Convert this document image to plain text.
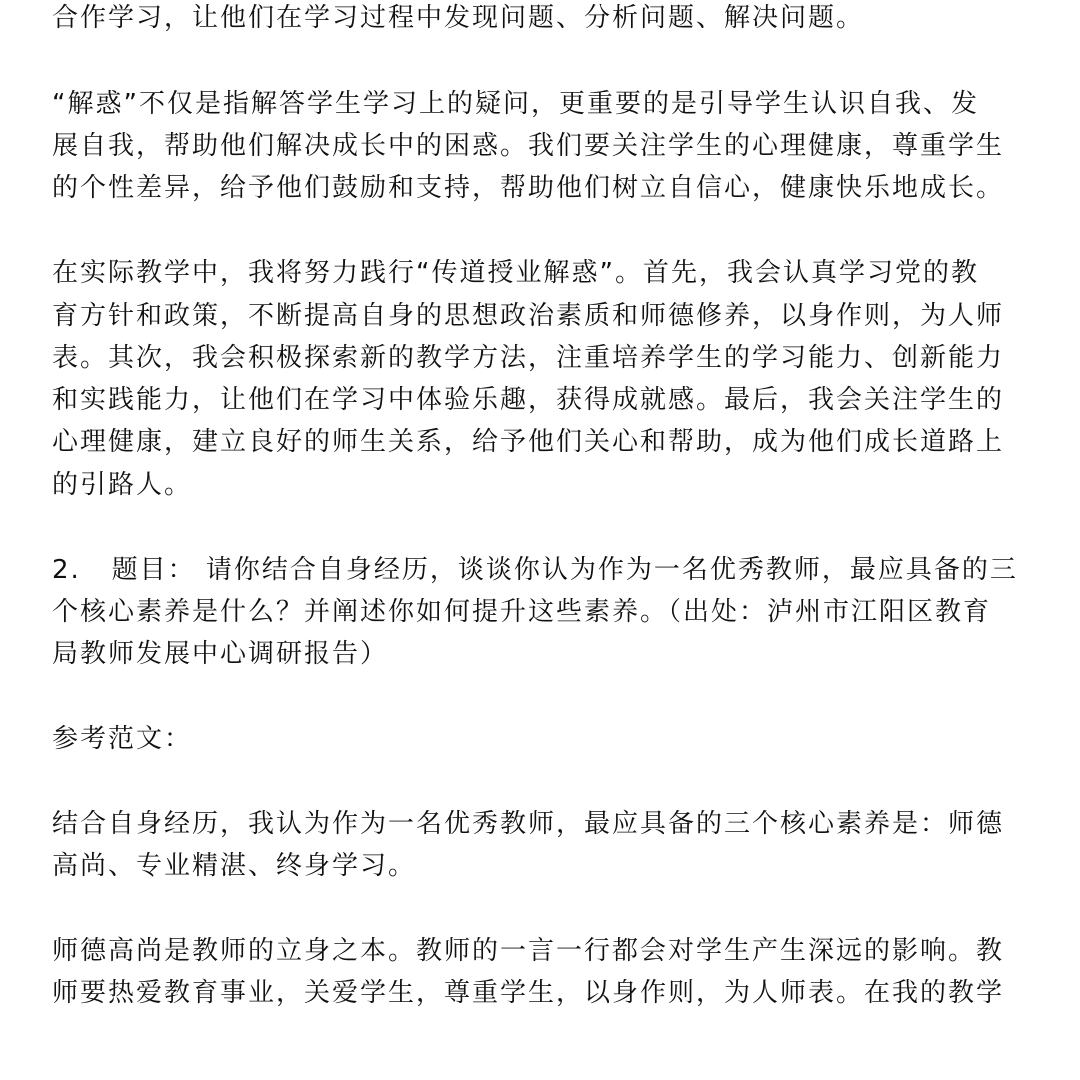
合作学习，让他们在学习过程中发现问题、分析问题、解决问题。

“解惑”不仅是指解答学生学习上的疑问，更重要的是引导学生认识自我、发

展自我，帮助他们解决成长中的困惑。我们要关注学生的心理健康，尊重学生

的个性差异，给予他们鼓励和支持，帮助他们树立自信心，健康快乐地成长。

在实际教学中，我将努力践行“传道授业解惑”。首先，我会认真学习党的教

育方针和政策，不断提高自身的思想政治素质和师德修养，以身作则，为人师

表。其次，我会积极探索新的教学方法，注重培养学生的学习能力、创新能力

和实践能力，让他们在学习中体验乐趣，获得成就感。最后，我会关注学生的

心理健康，建立良好的师生关系，给予他们关心和帮助，成为他们成长道路上

的引路人。

2.   题目： 请你结合自身经历，谈谈你认为作为一名优秀教师，最应具备的三

个核心素养是什么？并阐述你如何提升这些素养。（出处：泸州市江阳区教育

局教师发展中心调研报告）

参考范文：

结合自身经历，我认为作为一名优秀教师，最应具备的三个核心素养是：师德

高尚、专业精湛、终身学习。

师德高尚是教师的立身之本。教师的一言一行都会对学生产生深远的影响。教

师要热爱教育事业，关爱学生，尊重学生，以身作则，为人师表。在我的教学
